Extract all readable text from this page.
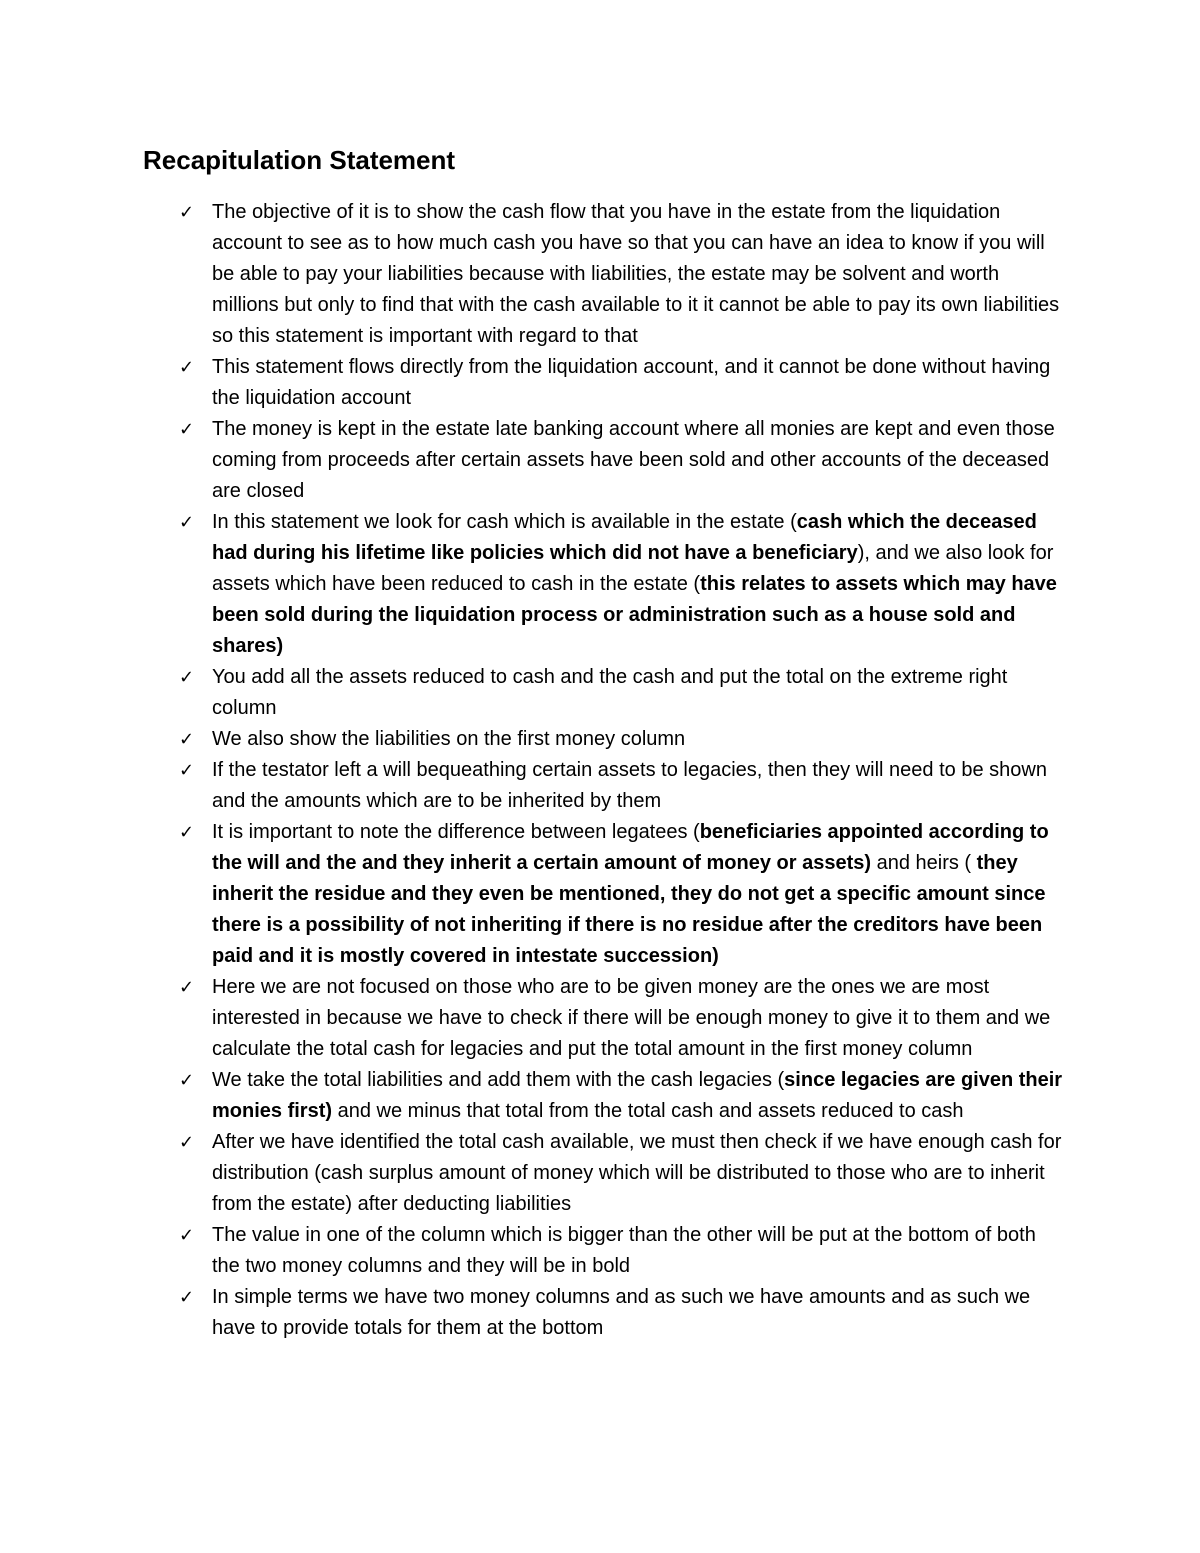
Recapitulation Statement
✓ The objective of it is to show the cash flow that you have in the estate from the liquidation account to see as to how much cash you have so that you can have an idea to know if you will be able to pay your liabilities because with liabilities, the estate may be solvent and worth millions but only to find that with the cash available to it it cannot be able to pay its own liabilities so this statement is important with regard to that
✓ This statement flows directly from the liquidation account, and it cannot be done without having the liquidation account
✓ The money is kept in the estate late banking account where all monies are kept and even those coming from proceeds after certain assets have been sold and other accounts of the deceased are closed
✓ In this statement we look for cash which is available in the estate (cash which the deceased had during his lifetime like policies which did not have a beneficiary), and we also look for assets which have been reduced to cash in the estate (this relates to assets which may have been sold during the liquidation process or administration such as a house sold and shares)
✓ You add all the assets reduced to cash and the cash and put the total on the extreme right column
✓ We also show the liabilities on the first money column
✓ If the testator left a will bequeathing certain assets to legacies, then they will need to be shown and the amounts which are to be inherited by them
✓ It is important to note the difference between legatees (beneficiaries appointed according to the will and the and they inherit a certain amount of money or assets) and heirs ( they inherit the residue and they even be mentioned, they do not get a specific amount since there is a possibility of not inheriting if there is no residue after the creditors have been paid and it is mostly covered in intestate succession)
✓ Here we are not focused on those who are to be given money are the ones we are most interested in because we have to check if there will be enough money to give it to them and we calculate the total cash for legacies and put the total amount in the first money column
✓ We take the total liabilities and add them with the cash legacies (since legacies are given their monies first) and we minus that total from the total cash and assets reduced to cash
✓ After we have identified the total cash available, we must then check if we have enough cash for distribution (cash surplus amount of money which will be distributed to those who are to inherit from the estate) after deducting liabilities
✓ The value in one of the column which is bigger than the other will be put at the bottom of both the two money columns and they will be in bold
✓ In simple terms we have two money columns and as such we have amounts and as such we have to provide totals for them at the bottom
